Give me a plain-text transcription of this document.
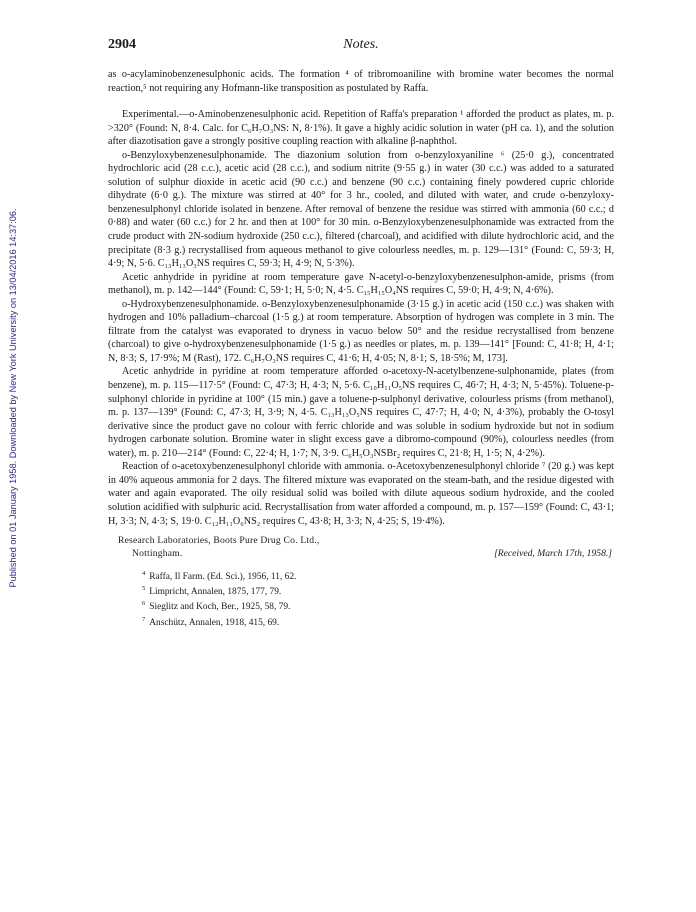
Published on 01 January 1958. Downloaded by New York University on 13/04/2016 14:37:06.
2904	Notes.

as o-acylaminobenzenesulphonic acids. The formation ⁴ of tribromoaniline with bromine water becomes the normal reaction,⁵ not requiring any Hofmann-like transposition as postulated by Raffa.

Experimental.—o-Aminobenzenesulphonic acid. Repetition of Raffa's preparation ¹ afforded the product as plates, m. p. >320° (Found: N, 8·4. Calc. for C₆H₇O₃NS: N, 8·1%). It gave a highly acidic solution in water (pH ca. 1), and the solution after diazotisation gave a strongly positive coupling reaction with alkaline β-naphthol.

o-Benzyloxybenzenesulphonamide. The diazonium solution from o-benzyloxyaniline ⁶ (25·0 g.), concentrated hydrochloric acid (28 c.c.), acetic acid (28 c.c.), and sodium nitrite (9·55 g.) in water (30 c.c.) was added to a saturated solution of sulphur dioxide in acetic acid (90 c.c.) and benzene (90 c.c.) containing finely powdered cupric chloride dihydrate (6·0 g.). The mixture was stirred at 40° for 3 hr., cooled, and diluted with water, and crude o-benzyloxy-benzenesulphonyl chloride isolated in benzene. After removal of benzene the residue was stirred with ammonia (60 c.c.; d 0·88) and water (60 c.c.) for 2 hr. and then at 100° for 30 min. o-Benzyloxybenzenesulphonamide was extracted from the crude product with 2N-sodium hydroxide (250 c.c.), filtered (charcoal), and acidified with dilute hydrochloric acid, and the precipitate (8·3 g.) recrystallised from aqueous methanol to give colourless needles, m. p. 129—131° (Found: C, 59·3; H, 4·9; N, 5·6. C₁₃H₁₃O₃NS requires C, 59·3; H, 4·9; N, 5·3%).

Acetic anhydride in pyridine at room temperature gave N-acetyl-o-benzyloxybenzenesulphon-amide, prisms (from methanol), m. p. 142—144° (Found: C, 59·1; H, 5·0; N, 4·5. C₁₅H₁₅O₄NS requires C, 59·0; H, 4·9; N, 4·6%).

o-Hydroxybenzenesulphonamide. o-Benzyloxybenzenesulphonamide (3·15 g.) in acetic acid (150 c.c.) was shaken with hydrogen and 10% palladium–charcoal (1·5 g.) at room temperature. Absorption of hydrogen was complete in 3 min. The filtrate from the catalyst was evaporated to dryness in vacuo below 50° and the residue recrystallised from benzene (charcoal) to give o-hydroxybenzenesulphonamide (1·5 g.) as needles or plates, m. p. 139—141° [Found: C, 41·8; H, 4·1; N, 8·3; S, 17·9%; M (Rast), 172. C₆H₇O₃NS requires C, 41·6; H, 4·05; N, 8·1; S, 18·5%; M, 173].

Acetic anhydride in pyridine at room temperature afforded o-acetoxy-N-acetylbenzene-sulphonamide, plates (from benzene), m. p. 115—117·5° (Found: C, 47·3; H, 4·3; N, 5·6. C₁₀H₁₁O₅NS requires C, 46·7; H, 4·3; N, 5·45%). Toluene-p-sulphonyl chloride in pyridine at 100° (15 min.) gave a toluene-p-sulphonyl derivative, colourless prisms (from methanol), m. p. 137—139° (Found: C, 47·3; H, 3·9; N, 4·5. C₁₃H₁₃O₅NS requires C, 47·7; H, 4·0; N, 4·3%), probably the O-tosyl derivative since the product gave no colour with ferric chloride and was soluble in sodium hydroxide but not in sodium hydrogen carbonate solution. Bromine water in slight excess gave a dibromo-compound (90%), colourless needles (from water), m. p. 210—214° (Found: C, 22·4; H, 1·7; N, 3·9. C₆H₅O₃NSBr₂ requires C, 21·8; H, 1·5; N, 4·2%).

Reaction of o-acetoxybenzenesulphonyl chloride with ammonia. o-Acetoxybenzenesulphonyl chloride ⁷ (20 g.) was kept in 40% aqueous ammonia for 2 days. The filtered mixture was evaporated on the steam-bath, and the residue digested with water and again evaporated. The oily residual solid was boiled with dilute aqueous sodium hydroxide, and the cooled solution acidified with sulphuric acid. Recrystallisation from water afforded a compound, m. p. 157—159° (Found: C, 43·1; H, 3·3; N, 4·3; S, 19·0. C₁₂H₁₁O₆NS₂ requires C, 43·8; H, 3·3; N, 4·25; S, 19·4%).

Research Laboratories, Boots Pure Drug Co. Ltd.,
Nottingham.	[Received, March 17th, 1958.]
$^4$ Raffa, Il Farm. (Ed. Sci.), 1956, 11, 62.
$^5$ Limpricht, Annalen, 1875, 177, 79.
$^6$ Sieglitz and Koch, Ber., 1925, 58, 79.
$^7$ Anschütz, Annalen, 1918, 415, 69.
